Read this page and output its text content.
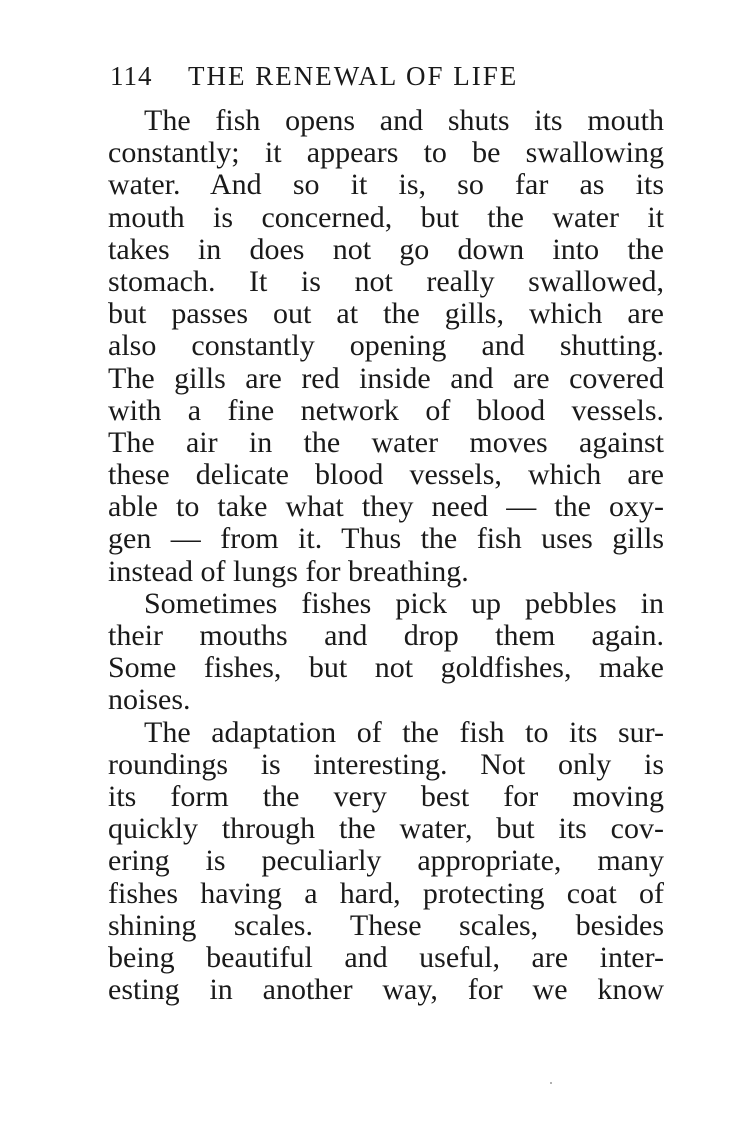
114 THE RENEWAL OF LIFE
The fish opens and shuts its mouth
constantly; it appears to be swallowing
water. And so it is, so far as its
mouth is concerned, but the water it
takes in does not go down into the
stomach. It is not really swallowed,
but passes out at the gills, which are
also constantly opening and shutting.
The gills are red inside and are covered
with a fine network of blood vessels.
The air in the water moves against
these delicate blood vessels, which are
able to take what they need — the oxy-
gen — from it. Thus the fish uses gills
instead of lungs for breathing.
Sometimes fishes pick up pebbles in
their mouths and drop them again.
Some fishes, but not goldfishes, make
noises.
The adaptation of the fish to its sur-
roundings is interesting. Not only is
its form the very best for moving
quickly through the water, but its cov-
ering is peculiarly appropriate, many
fishes having a hard, protecting coat of
shining scales. These scales, besides
being beautiful and useful, are inter-
esting in another way, for we know
